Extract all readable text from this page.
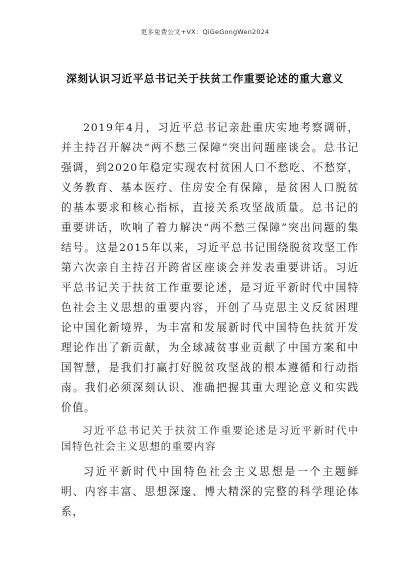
更多免费公文+VX：QiGeGongWen2024
深刻认识习近平总书记关于扶贫工作重要论述的重大意义

2019年4月，习近平总书记亲赴重庆实地考察调研，并主持召开解决“两不愁三保障”突出问题座谈会。总书记强调，到2020年稳定实现农村贫困人口不愁吃、不愁穿，义务教育、基本医疗、住房安全有保障，是贫困人口脱贫的基本要求和核心指标，直接关系攻坚战质量。总书记的重要讲话，吹响了着力解决“两不愁三保障”突出问题的集结号。这是2015年以来，习近平总书记围绕脱贫攻坚工作第六次亲自主持召开跨省区座谈会并发表重要讲话。习近平总书记关于扶贫工作重要论述，是习近平新时代中国特色社会主义思想的重要内容，开创了马克思主义反贫困理论中国化新境界，为丰富和发展新时代中国特色扶贫开发理论作出了新贡献，为全球减贫事业贡献了中国方案和中国智慧，是我们打赢打好脱贫攻坚战的根本遵循和行动指南。我们必须深刻认识、准确把握其重大理论意义和实践价值。

习近平总书记关于扶贫工作重要论述是习近平新时代中国特色社会主义思想的重要内容

习近平新时代中国特色社会主义思想是一个主题鲜明、内容丰富、思想深邃、博大精深的完整的科学理论体系，
